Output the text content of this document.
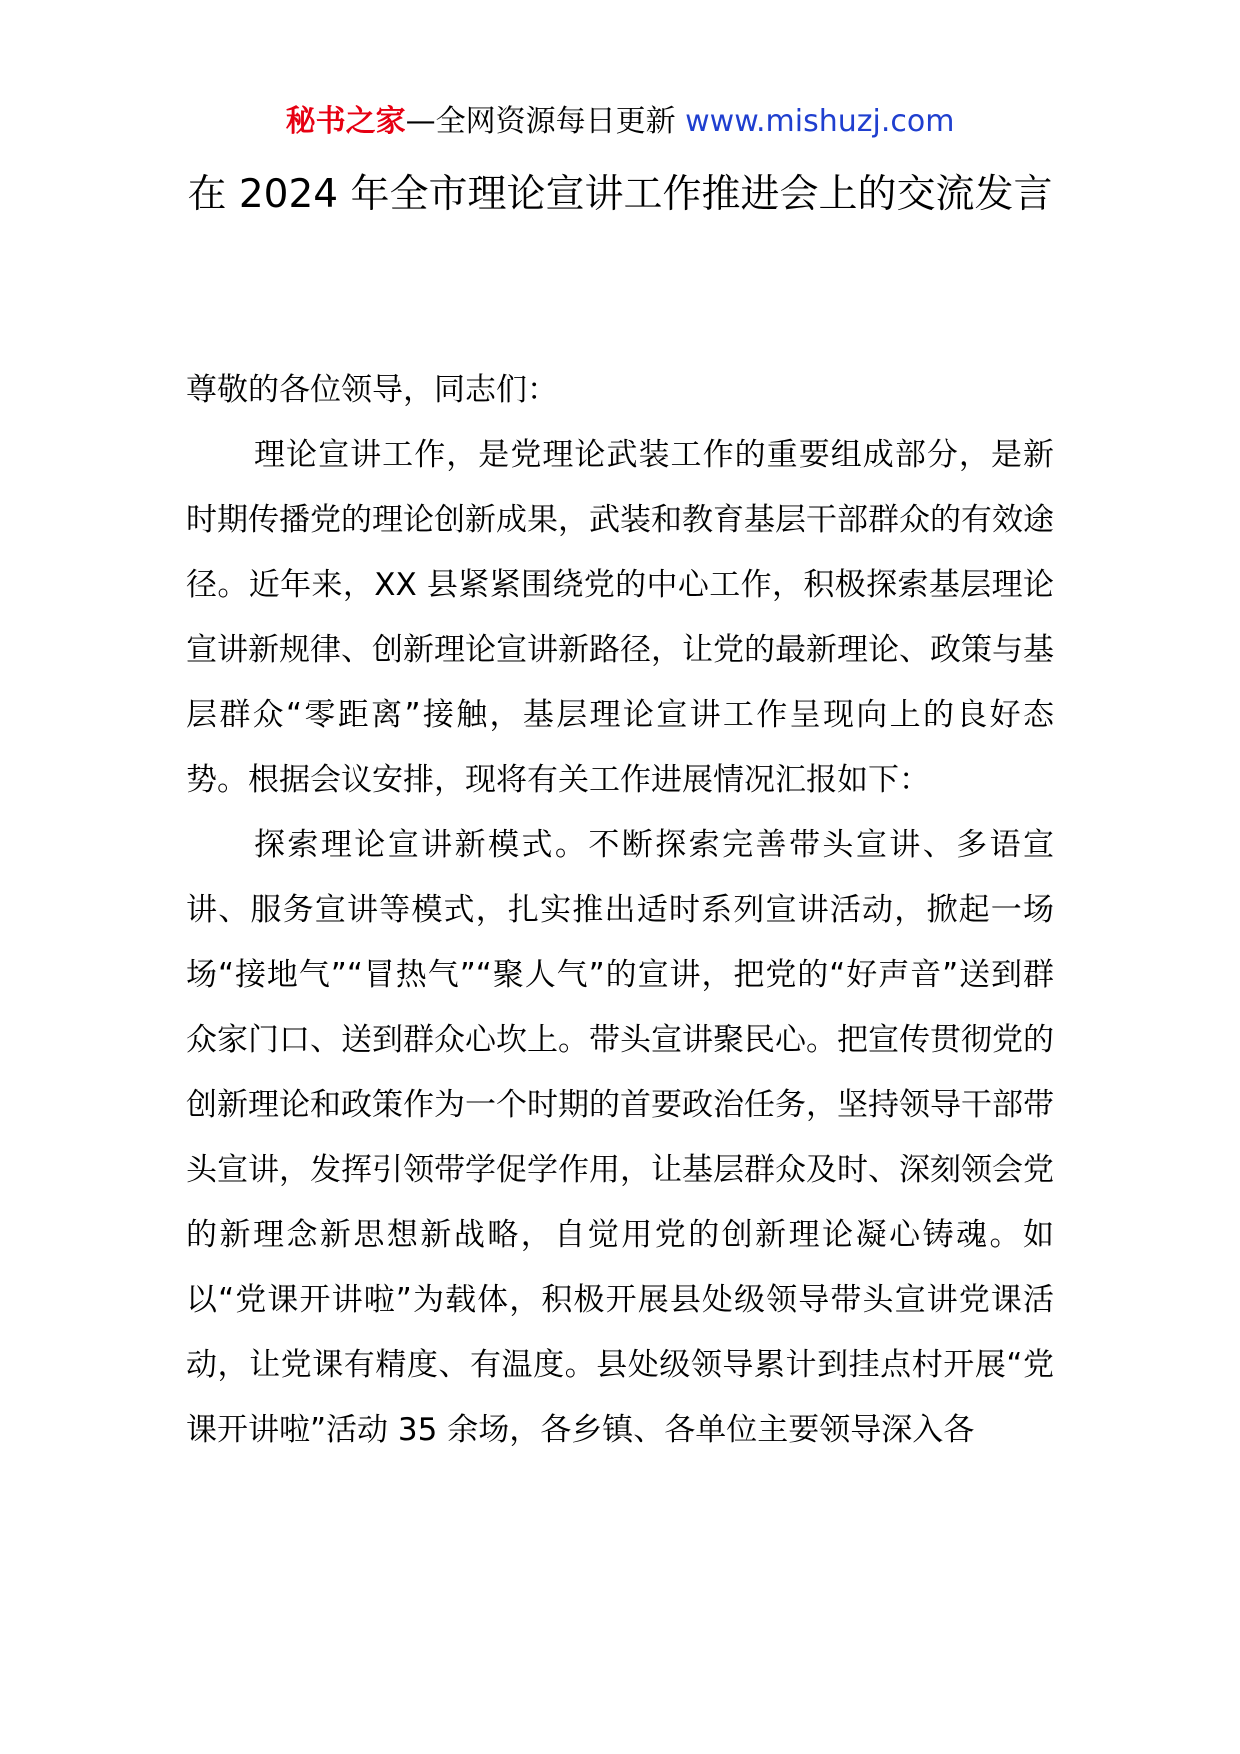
秘书之家—全网资源每日更新 www.mishuzj.com
在 2024 年全市理论宣讲工作推进会上的交流发言

尊敬的各位领导，同志们：

理论宣讲工作，是党理论武装工作的重要组成部分，是新时期传播党的理论创新成果，武装和教育基层干部群众的有效途径。近年来，XX 县紧紧围绕党的中心工作，积极探索基层理论宣讲新规律、创新理论宣讲新路径，让党的最新理论、政策与基层群众“零距离”接触，基层理论宣讲工作呈现向上的良好态势。根据会议安排，现将有关工作进展情况汇报如下：

探索理论宣讲新模式。不断探索完善带头宣讲、多语宣讲、服务宣讲等模式，扎实推出适时系列宣讲活动，掀起一场场“接地气”“冒热气”“聚人气”的宣讲，把党的“好声音”送到群众家门口、送到群众心坎上。带头宣讲聚民心。把宣传贯彻党的创新理论和政策作为一个时期的首要政治任务，坚持领导干部带头宣讲，发挥引领带学促学作用，让基层群众及时、深刻领会党的新理念新思想新战略，自觉用党的创新理论凝心铸魂。如以“党课开讲啦”为载体，积极开展县处级领导带头宣讲党课活动，让党课有精度、有温度。县处级领导累计到挂点村开展“党课开讲啦”活动 35 余场，各乡镇、各单位主要领导深入各
